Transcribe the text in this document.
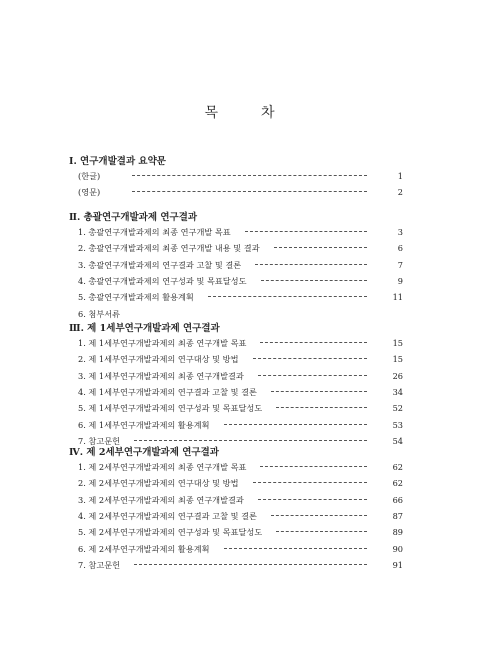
목	차
Ⅰ. 연구개발결과 요약문
(한글)	1
(영문)	2
Ⅱ. 총괄연구개발과제 연구결과
1. 총괄연구개발과제의 최종 연구개발 목표	3
2. 총괄연구개발과제의 최종 연구개발 내용 및 결과	6
3. 총괄연구개발과제의 연구결과 고찰 및 결론	7
4. 총괄연구개발과제의 연구성과 및 목표달성도	9
5. 총괄연구개발과제의 활용계획	11
6. 첨부서류
Ⅲ. 제 1세부연구개발과제 연구결과
1. 제 1세부연구개발과제의 최종 연구개발 목표	15
2. 제 1세부연구개발과제의 연구대상 및 방법	15
3. 제 1세부연구개발과제의 최종 연구개발결과	26
4. 제 1세부연구개발과제의 연구결과 고찰 및 결론	34
5. 제 1세부연구개발과제의 연구성과 및 목표달성도	52
6. 제 1세부연구개발과제의 활용계획	53
7. 참고문헌	54
Ⅳ. 제 2세부연구개발과제 연구결과
1. 제 2세부연구개발과제의 최종 연구개발 목표	62
2. 제 2세부연구개발과제의 연구대상 및 방법	62
3. 제 2세부연구개발과제의 최종 연구개발결과	66
4. 제 2세부연구개발과제의 연구결과 고찰 및 결론	87
5. 제 2세부연구개발과제의 연구성과 및 목표달성도	89
6. 제 2세부연구개발과제의 활용계획	90
7. 참고문헌	91
